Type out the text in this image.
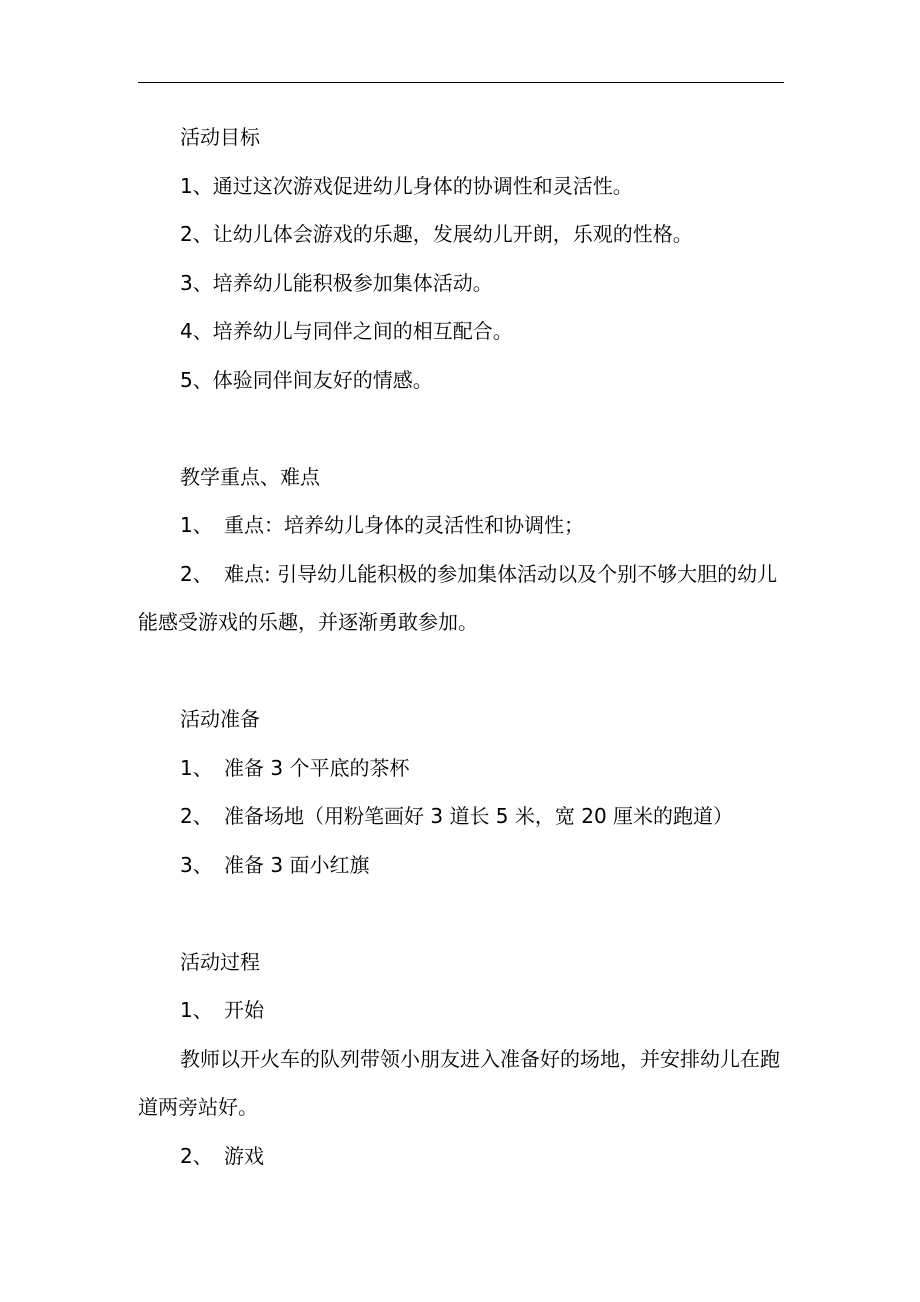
活动目标
1、通过这次游戏促进幼儿身体的协调性和灵活性。
2、让幼儿体会游戏的乐趣，发展幼儿开朗，乐观的性格。
3、培养幼儿能积极参加集体活动。
4、培养幼儿与同伴之间的相互配合。
5、体验同伴间友好的情感。
教学重点、难点
1、 重点：培养幼儿身体的灵活性和协调性；
2、 难点: 引导幼儿能积极的参加集体活动以及个别不够大胆的幼儿能感受游戏的乐趣，并逐渐勇敢参加。
活动准备
1、 准备 3 个平底的茶杯
2、 准备场地（用粉笔画好 3 道长 5 米，宽 20 厘米的跑道）
3、 准备 3 面小红旗
活动过程
1、 开始
教师以开火车的队列带领小朋友进入准备好的场地，并安排幼儿在跑道两旁站好。
2、 游戏
